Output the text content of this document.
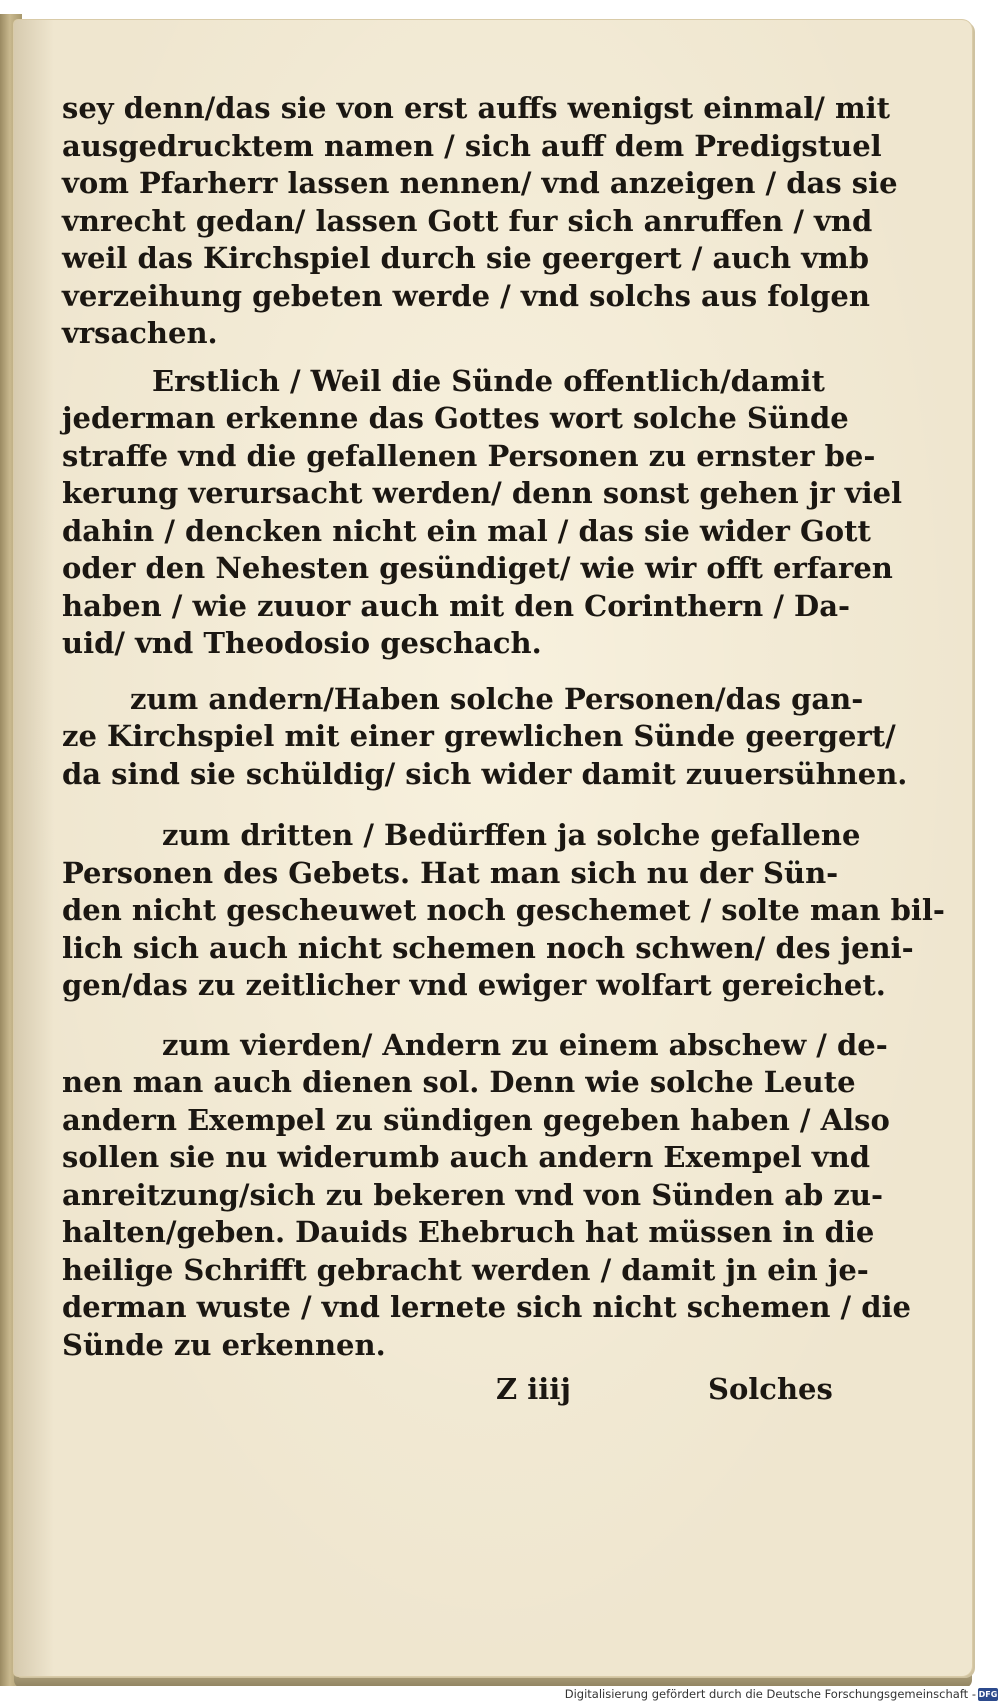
sey denn/das sie von erst auffs wenigst einmal/ mit
ausgedrucktem namen / sich auff dem Predigstuel
vom Pfarherr lassen nennen/ vnd anzeigen / das sie
vnrecht gedan/ lassen Gott fur sich anruffen / vnd
weil das Kirchspiel durch sie geergert / auch vmb
verzeihung gebeten werde / vnd solchs aus folgen
vrsachen.
Erstlich / Weil die Sünde offentlich/damit
jederman erkenne das Gottes wort solche Sünde
straffe vnd die gefallenen Personen zu ernster be-
kerung verursacht werden/ denn sonst gehen jr viel
dahin / dencken nicht ein mal / das sie wider Gott
oder den Nehesten gesündiget/ wie wir offt erfaren
haben / wie zuuor auch mit den Corinthern / Da-
uid/ vnd Theodosio geschach.
zum andern/Haben solche Personen/das gan-
ze Kirchspiel mit einer grewlichen Sünde geergert/
da sind sie schüldig/ sich wider damit zuuersühnen.
zum dritten / Bedürffen ja solche gefallene
Personen des Gebets. Hat man sich nu der Sün-
den nicht gescheuwet noch geschemet / solte man bil-
lich sich auch nicht schemen noch schwen/ des jeni-
gen/das zu zeitlicher vnd ewiger wolfart gereichet.
zum vierden/ Andern zu einem abschew / de-
nen man auch dienen sol. Denn wie solche Leute
andern Exempel zu sündigen gegeben haben / Also
sollen sie nu widerumb auch andern Exempel vnd
anreitzung/sich zu bekeren vnd von Sünden ab zu-
halten/geben. Dauids Ehebruch hat müssen in die
heilige Schrifft gebracht werden / damit jn ein je-
derman wuste / vnd lernete sich nicht schemen / die
Sünde zu erkennen.
Z iiij	Solches
Digitalisierung gefördert durch die Deutsche Forschungsgemeinschaft - DFG
